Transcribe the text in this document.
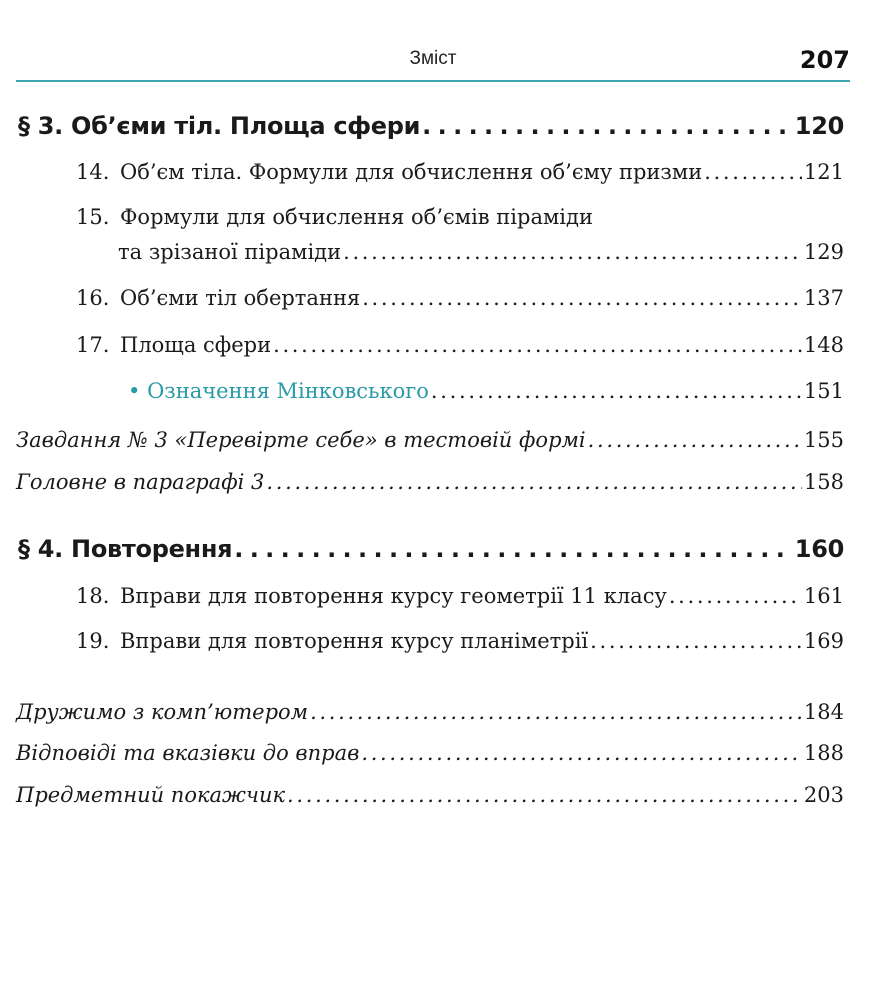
Зміст	207
§ 3. Об’єми тіл. Площа сфери . . .	120
14. Об’єм тіла. Формули для обчислення об’єму призми . . .	121
15. Формули для обчислення об’ємів піраміди
та зрізаної піраміди . . .	129
16. Об’єми тіл обертання . . .	137
17. Площа сфери . . .	148
• Означення Мінковського . . .	151
Завдання № 3 «Перевірте себе» в тестовій формі . . .	155
Головне в параграфі 3 . . .	158
§ 4. Повторення . . .	160
18. Вправи для повторення курсу геометрії 11 класу . . .	161
19. Вправи для повторення курсу планіметрії . . .	169
Дружимо з комп’ютером . . .	184
Відповіді та вказівки до вправ . . .	188
Предметний покажчик . . .	203
